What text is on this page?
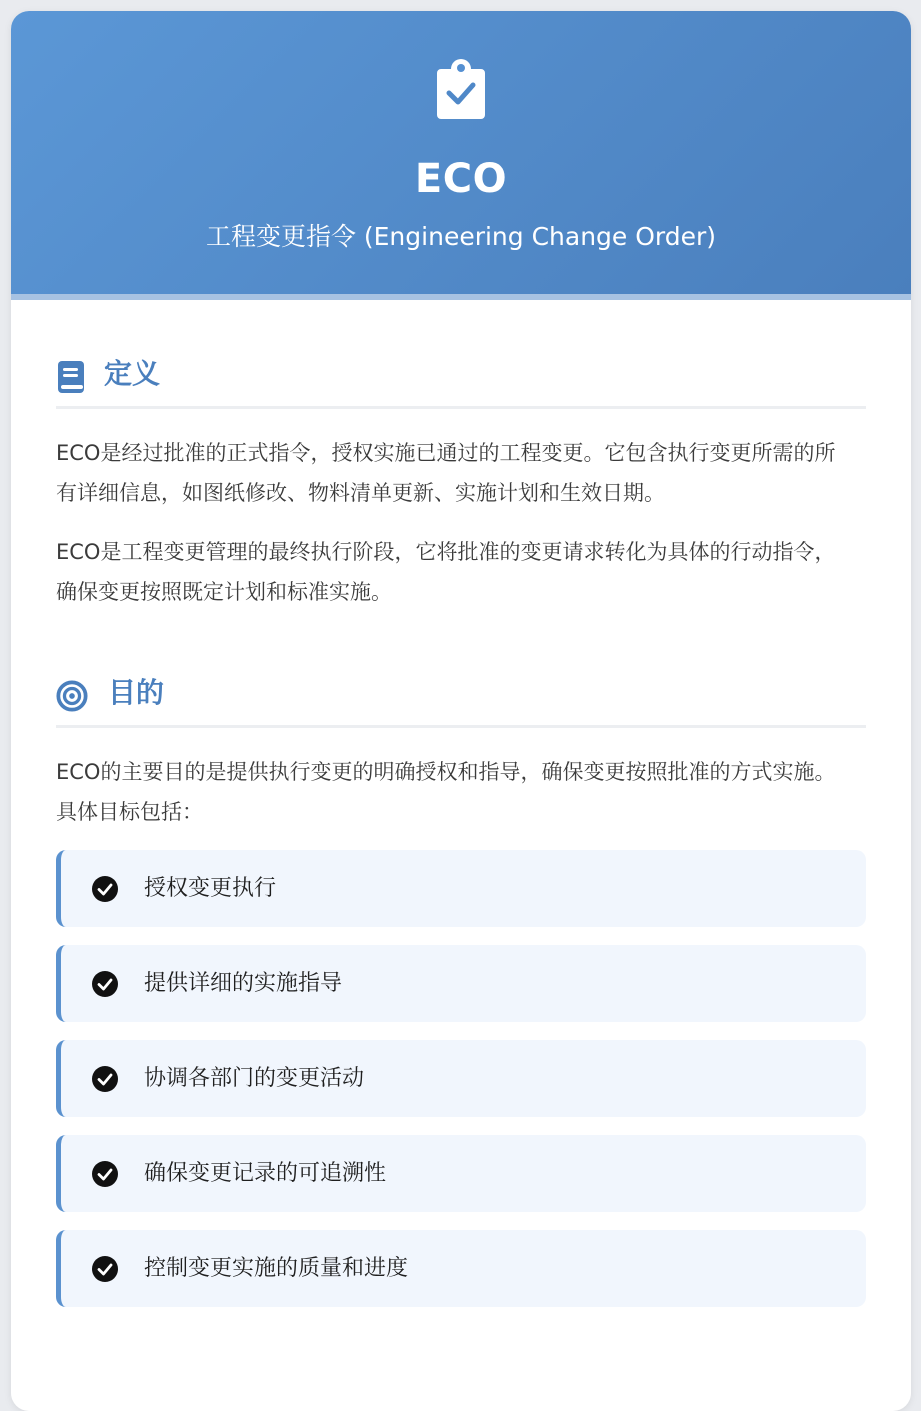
ECO
工程变更指令 (Engineering Change Order)
定义
ECO是经过批准的正式指令，授权实施已通过的工程变更。它包含执行变更所需的所有详细信息，如图纸修改、物料清单更新、实施计划和生效日期。
ECO是工程变更管理的最终执行阶段，它将批准的变更请求转化为具体的行动指令，确保变更按照既定计划和标准实施。
目的
ECO的主要目的是提供执行变更的明确授权和指导，确保变更按照批准的方式实施。具体目标包括：
授权变更执行
提供详细的实施指导
协调各部门的变更活动
确保变更记录的可追溯性
控制变更实施的质量和进度
